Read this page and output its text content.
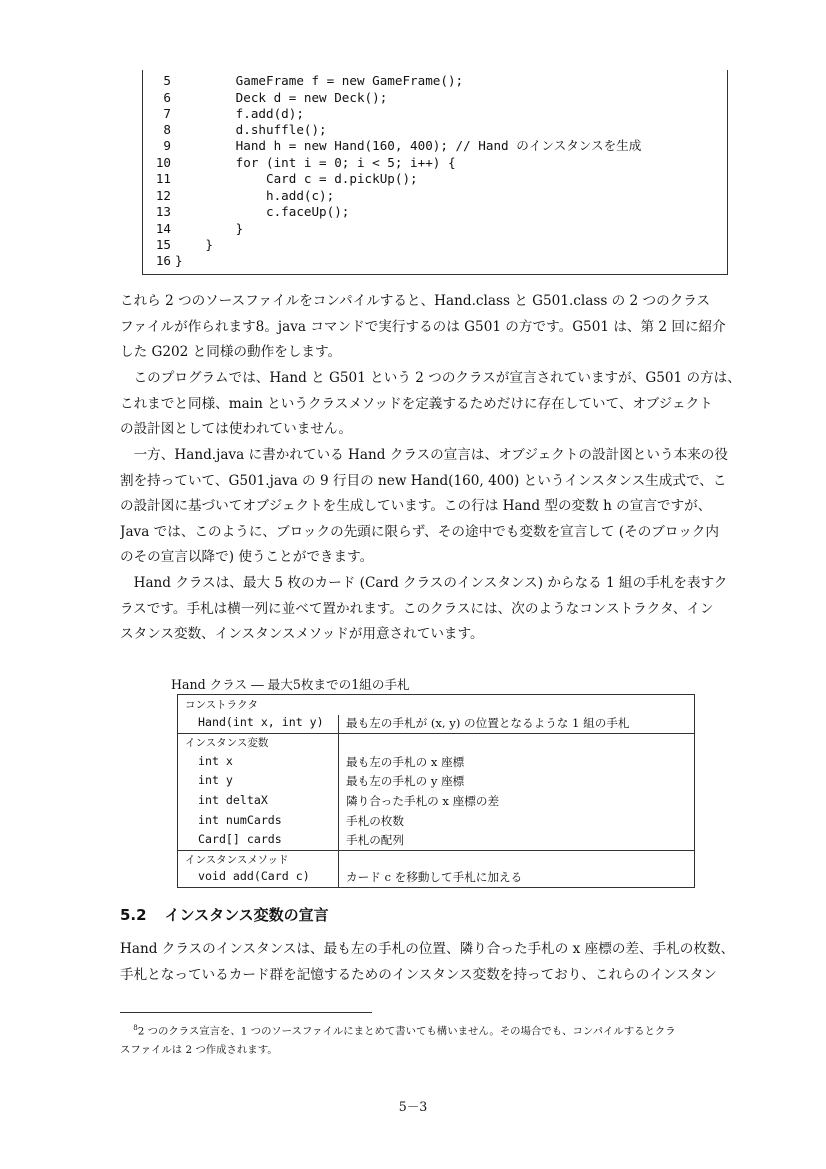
5 GameFrame f = new GameFrame();
6 Deck d = new Deck();
7 f.add(d);
8 d.shuffle();
9 Hand h = new Hand(160, 400); // Hand のインスタンスを生成
10 for (int i = 0; i < 5; i++) {
11 Card c = d.pickUp();
12 h.add(c);
13 c.faceUp();
14 }
15 }
16 }
これら 2 つのソースファイルをコンパイルすると、Hand.class と G501.class の 2 つのクラス
ファイルが作られます8。java コマンドで実行するのは G501 の方です。G501 は、第 2 回に紹介
した G202 と同様の動作をします。
　このプログラムでは、Hand と G501 という 2 つのクラスが宣言されていますが、G501 の方は、
これまでと同様、main というクラスメソッドを定義するためだけに存在していて、オブジェクト
の設計図としては使われていません。
　一方、Hand.java に書かれている Hand クラスの宣言は、オブジェクトの設計図という本来の役
割を持っていて、G501.java の 9 行目の new Hand(160, 400) というインスタンス生成式で、こ
の設計図に基づいてオブジェクトを生成しています。この行は Hand 型の変数 h の宣言ですが、
Java では、このように、ブロックの先頭に限らず、その途中でも変数を宣言して (そのブロック内
のその宣言以降で) 使うことができます。
　Hand クラスは、最大 5 枚のカード (Card クラスのインスタンス) からなる 1 組の手札を表すク
ラスです。手札は横一列に並べて置かれます。このクラスには、次のようなコンストラクタ、イン
スタンス変数、インスタンスメソッドが用意されています。
Hand クラス ― 最大5枚までの1組の手札
コンストラクタ
Hand(int x, int y) 最も左の手札が (x, y) の位置となるような 1 組の手札
インスタンス変数
int x	最も左の手札の x 座標
int y	最も左の手札の y 座標
int deltaX	隣り合った手札の x 座標の差
int numCards	手札の枚数
Card[] cards	手札の配列
インスタンスメソッド
void add(Card c)	カード c を移動して手札に加える
5.2 インスタンス変数の宣言
Hand クラスのインスタンスは、最も左の手札の位置、隣り合った手札の x 座標の差、手札の枚数、
手札となっているカード群を記憶するためのインスタンス変数を持っており、これらのインスタン
$^8$2 つのクラス宣言を、1 つのソースファイルにまとめて書いても構いません。その場合でも、コンパイルするとクラ
スファイルは 2 つ作成されます。
5－3
